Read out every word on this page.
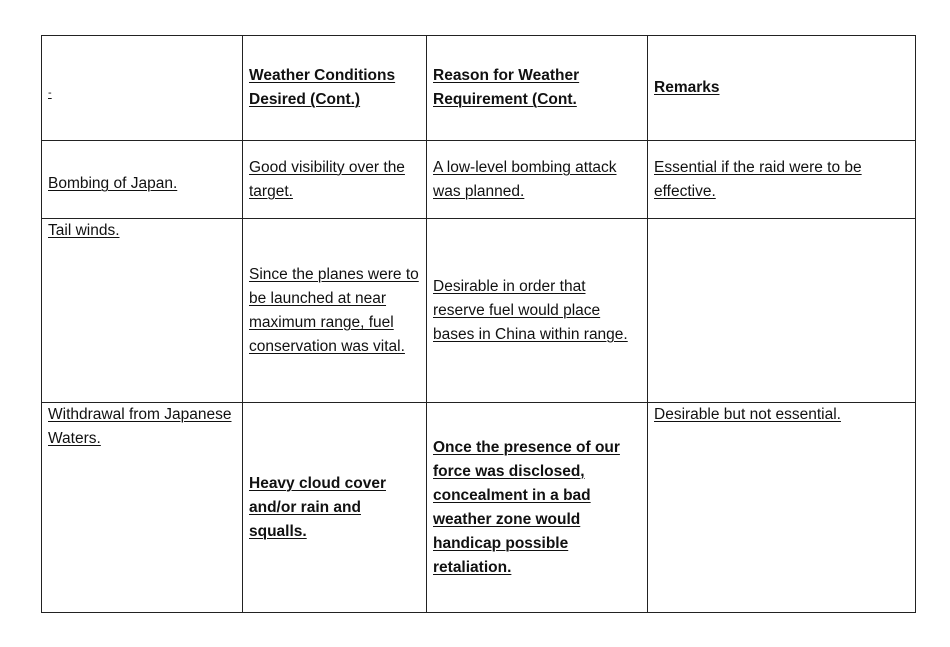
-	Weather Conditions Desired (Cont.)	Reason for Weather Requirement (Cont.	Remarks
Bombing of Japan.	Good visibility over the target.	A low-level bombing attack was planned.	Essential if the raid were to be effective.
Tail winds.	Since the planes were to be launched at near maximum range, fuel conservation was vital.	Desirable in order that reserve fuel would place bases in China within range.	
Withdrawal from Japanese Waters.	Heavy cloud cover and/or rain and squalls.	Once the presence of our force was disclosed, concealment in a bad weather zone would handicap possible retaliation.	Desirable but not essential.
